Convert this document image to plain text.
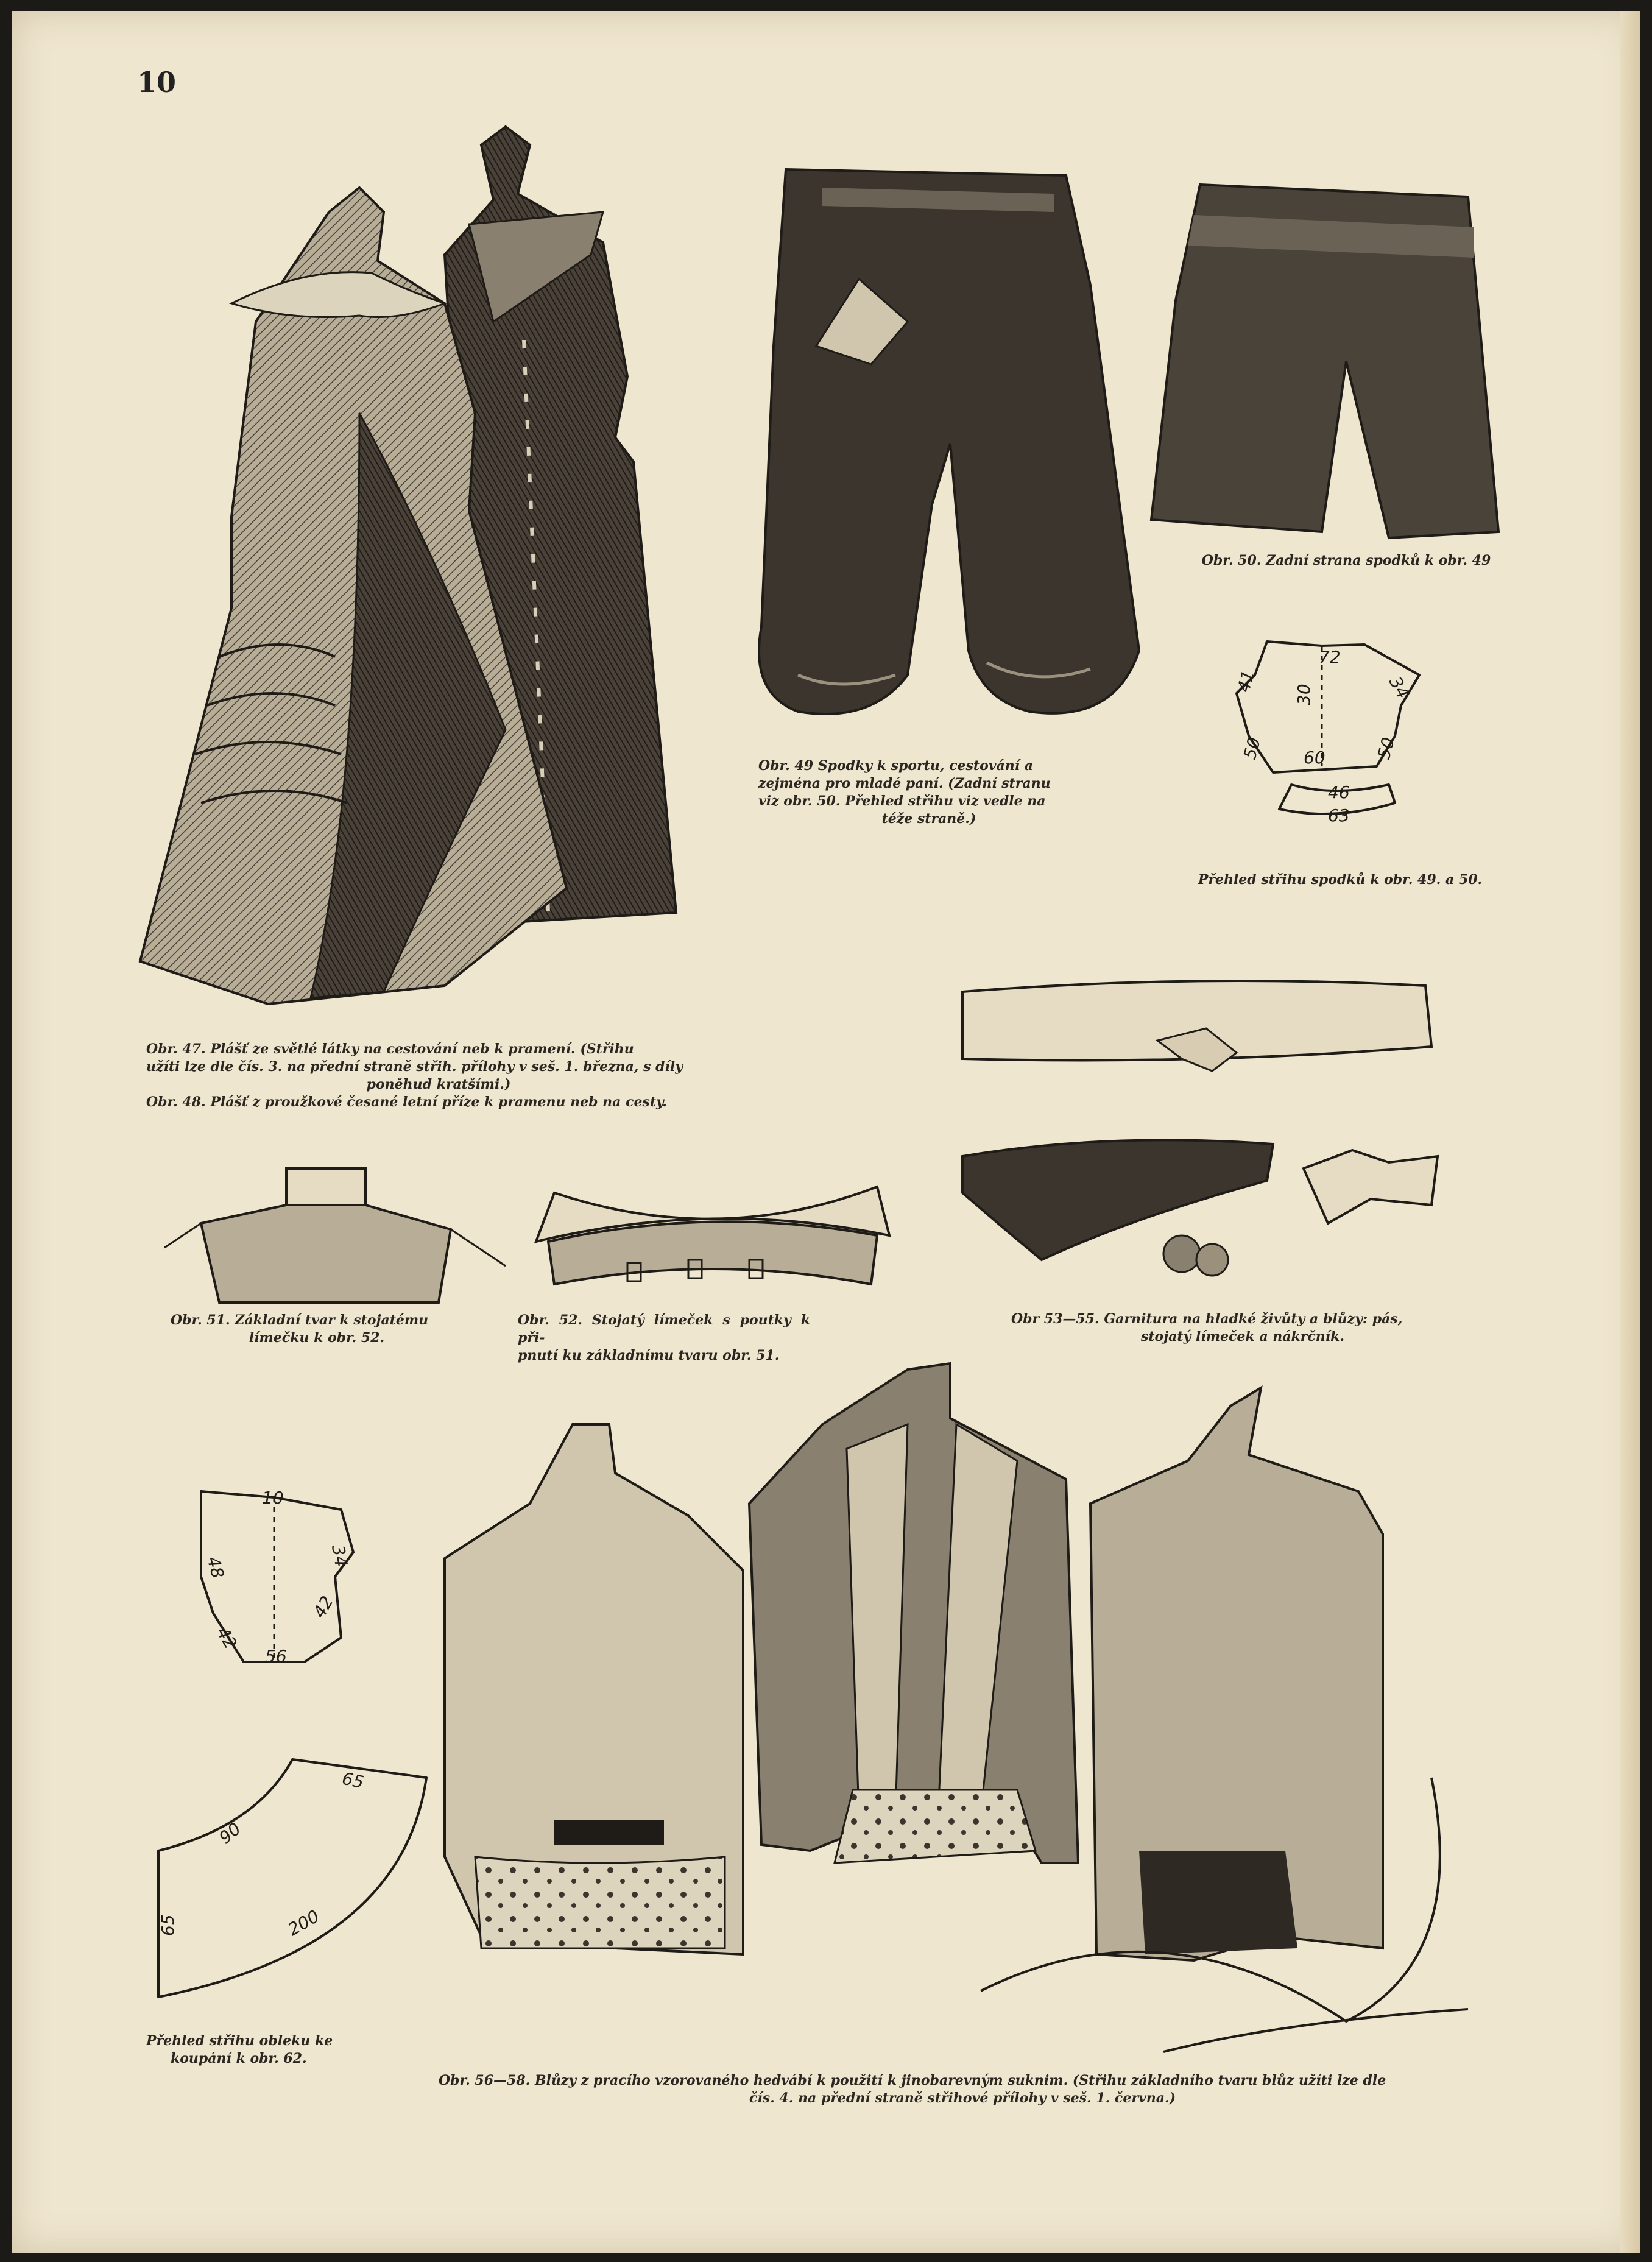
10
Obr. 47. Plášť ze světlé látky na cestování neb k pramení. (Střihu
užíti lze dle čís. 3. na přední straně střih. přílohy v seš. 1. března, s díly
poněhud kratšími.)
Obr. 48. Plášť z proužkové česané letní příze k pramenu neb na cesty.
Obr. 49 Spodky k sportu, cestování a
zejména pro mladé paní. (Zadní stranu
viz obr. 50. Přehled střihu viz vedle na
téže straně.)
Obr. 50. Zadní strana spodků k obr. 49
72
30
41	34
50	50
60
46
63
Přehled střihu spodků k obr. 49. a 50.
Obr 53—55. Garnitura na hladké živůty a blůzy: pás,
stojatý límeček a nákrčník.
Obr. 51. Základní tvar k stojatému
límečku k obr. 52.
Obr. 52. Stojatý límeček s poutky k při-
pnutí ku základnímu tvaru obr. 51.
10
48	34
42
42
56
65
90
65	200
Přehled střihu obleku ke
koupání k obr. 62.
Obr. 56—58. Blůzy z pracího vzorovaného hedvábí k použití k jinobarevným suknim. (Střihu základního tvaru blůz užíti lze dle
čís. 4. na přední straně střihové přílohy v seš. 1. června.)
